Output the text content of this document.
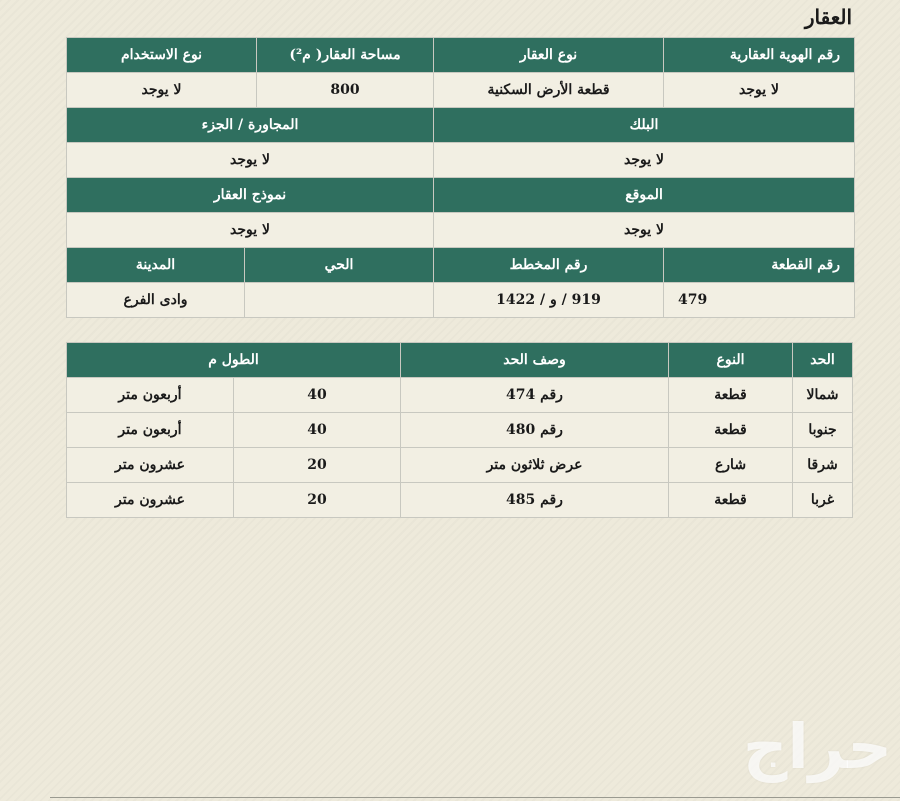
العقار
رقم الهوية العقارية	نوع العقار	مساحة العقار( م²)	نوع الاستخدام	
لا يوجد	قطعة الأرض السكنية	800	لا يوجد	
البلك		المجاورة / الجزء		
لا يوجد		لا يوجد		
الموقع		نموذج العقار		
لا يوجد		لا يوجد		
رقم القطعة	رقم المخطط	الحي		المدينة
479	919 / و / 1422			وادى الفرع
الحد	النوع	وصف الحد	الطول م	
شمالا	قطعة	رقم 474	40	أربعون متر
جنوبا	قطعة	رقم 480	40	أربعون متر
شرقا	شارع	عرض ثلاثون متر	20	عشرون متر
غربا	قطعة	رقم 485	20	عشرون متر
حراج
